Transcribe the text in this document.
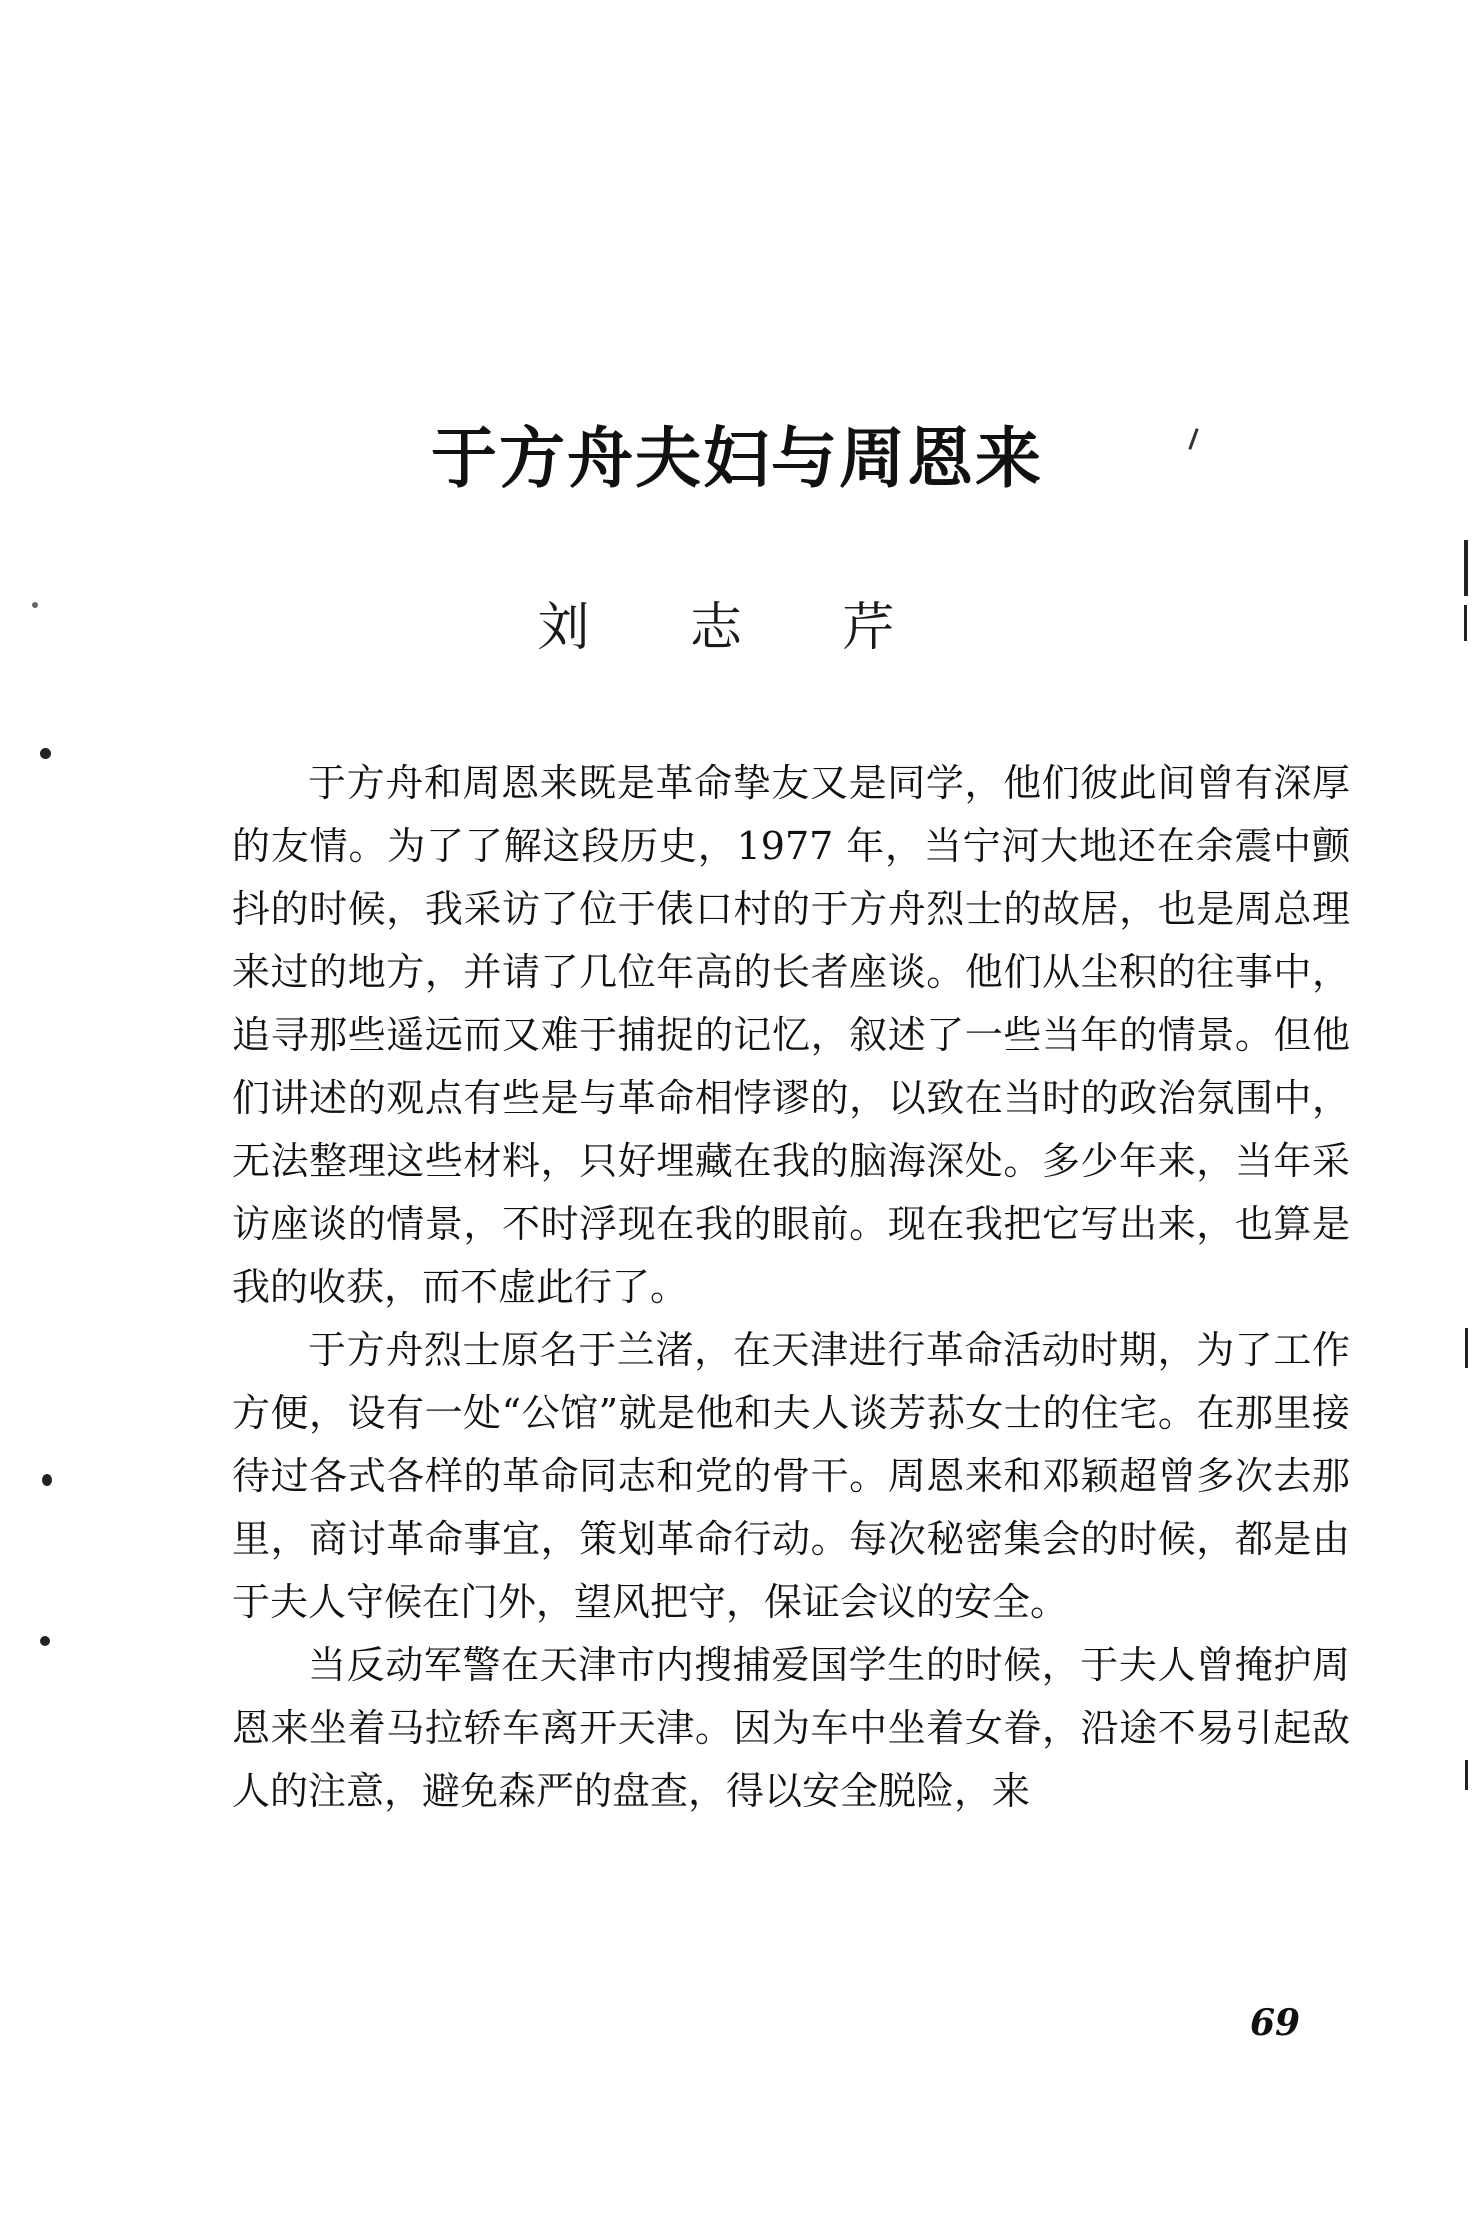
于方舟夫妇与周恩来
刘 志 芹

于方舟和周恩来既是革命挚友又是同学，他们彼此间曾有深厚的友情。为了了解这段历史，1977 年，当宁河大地还在余震中颤抖的时候，我采访了位于俵口村的于方舟烈士的故居，也是周总理来过的地方，并请了几位年高的长者座谈。他们从尘积的往事中，追寻那些遥远而又难于捕捉的记忆，叙述了一些当年的情景。但他们讲述的观点有些是与革命相悖谬的，以致在当时的政治氛围中，无法整理这些材料，只好埋藏在我的脑海深处。多少年来，当年采访座谈的情景，不时浮现在我的眼前。现在我把它写出来，也算是我的收获，而不虚此行了。

于方舟烈士原名于兰渚，在天津进行革命活动时期，为了工作方便，设有一处“公馆”就是他和夫人谈芳荪女士的住宅。在那里接待过各式各样的革命同志和党的骨干。周恩来和邓颖超曾多次去那里，商讨革命事宜，策划革命行动。每次秘密集会的时候，都是由于夫人守候在门外，望风把守，保证会议的安全。

当反动军警在天津市内搜捕爱国学生的时候，于夫人曾掩护周恩来坐着马拉轿车离开天津。因为车中坐着女眷，沿途不易引起敌人的注意，避免森严的盘查，得以安全脱险，来

69
